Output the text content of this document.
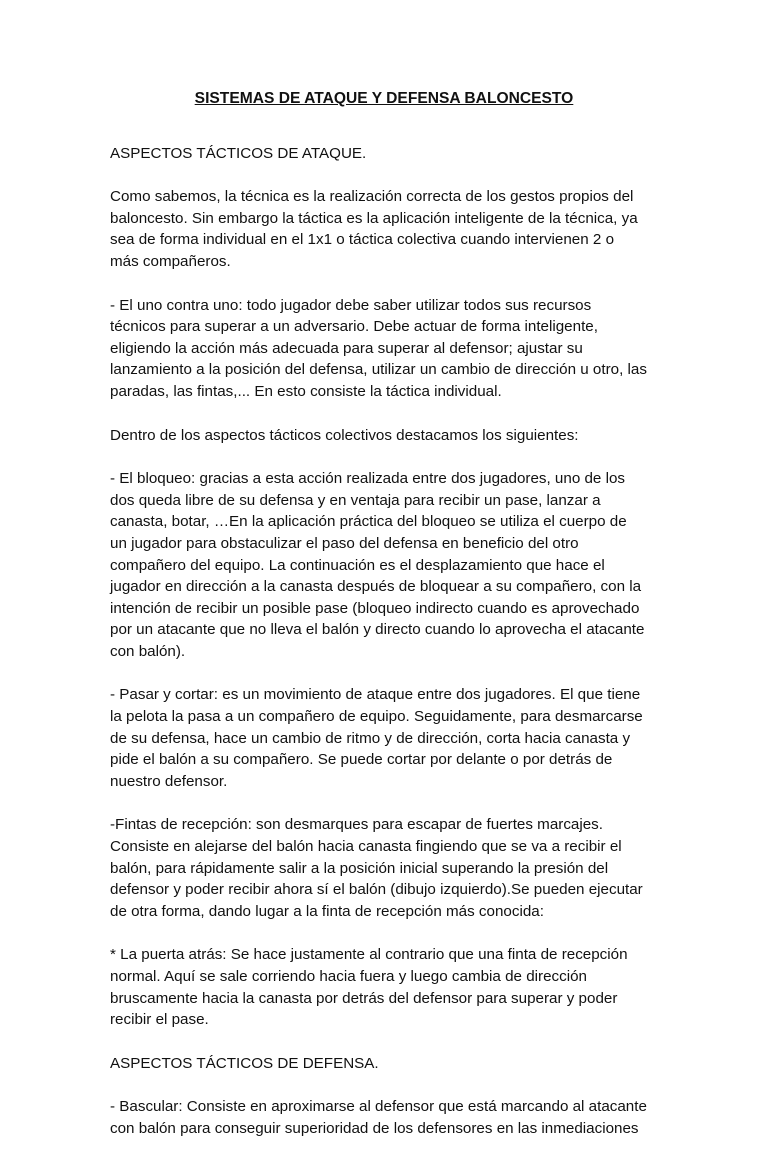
SISTEMAS DE ATAQUE Y DEFENSA BALONCESTO
ASPECTOS TÁCTICOS DE ATAQUE.
Como sabemos, la técnica es la realización correcta de los gestos propios del
baloncesto. Sin embargo la táctica es la aplicación inteligente de la técnica, ya
sea de forma individual en el 1x1 o táctica colectiva cuando intervienen 2 o
más compañeros.
- El uno contra uno: todo jugador debe saber utilizar todos sus recursos
técnicos para superar a un adversario. Debe actuar de forma inteligente,
eligiendo la acción más adecuada para superar al defensor; ajustar su
lanzamiento a la posición del defensa, utilizar un cambio de dirección u otro, las
paradas, las fintas,... En esto consiste la táctica individual.
Dentro de los aspectos tácticos colectivos destacamos los siguientes:
- El bloqueo: gracias a esta acción realizada entre dos jugadores, uno de los
dos queda libre de su defensa y en ventaja para recibir un pase, lanzar a
canasta, botar, …En la aplicación práctica del bloqueo se utiliza el cuerpo de
un jugador para obstaculizar el paso del defensa en beneficio del otro
compañero del equipo. La continuación es el desplazamiento que hace el
jugador en dirección a la canasta después de bloquear a su compañero, con la
intención de recibir un posible pase (bloqueo indirecto cuando es aprovechado
por un atacante que no lleva el balón y directo cuando lo aprovecha el atacante
con balón).
- Pasar y cortar: es un movimiento de ataque entre dos jugadores. El que tiene
la pelota la pasa a un compañero de equipo. Seguidamente, para desmarcarse
de su defensa, hace un cambio de ritmo y de dirección, corta hacia canasta y
pide el balón a su compañero. Se puede cortar por delante o por detrás de
nuestro defensor.
-Fintas de recepción: son desmarques para escapar de fuertes marcajes.
Consiste en alejarse del balón hacia canasta fingiendo que se va a recibir el
balón, para rápidamente salir a la posición inicial superando la presión del
defensor y poder recibir ahora sí el balón (dibujo izquierdo).Se pueden ejecutar
de otra forma, dando lugar a la finta de recepción más conocida:
* La puerta atrás: Se hace justamente al contrario que una finta de recepción
normal. Aquí se sale corriendo hacia fuera y luego cambia de dirección
bruscamente hacia la canasta por detrás del defensor para superar y poder
recibir el pase.
ASPECTOS TÁCTICOS DE DEFENSA.
- Bascular: Consiste en aproximarse al defensor que está marcando al atacante
con balón para conseguir superioridad de los defensores en las inmediaciones
